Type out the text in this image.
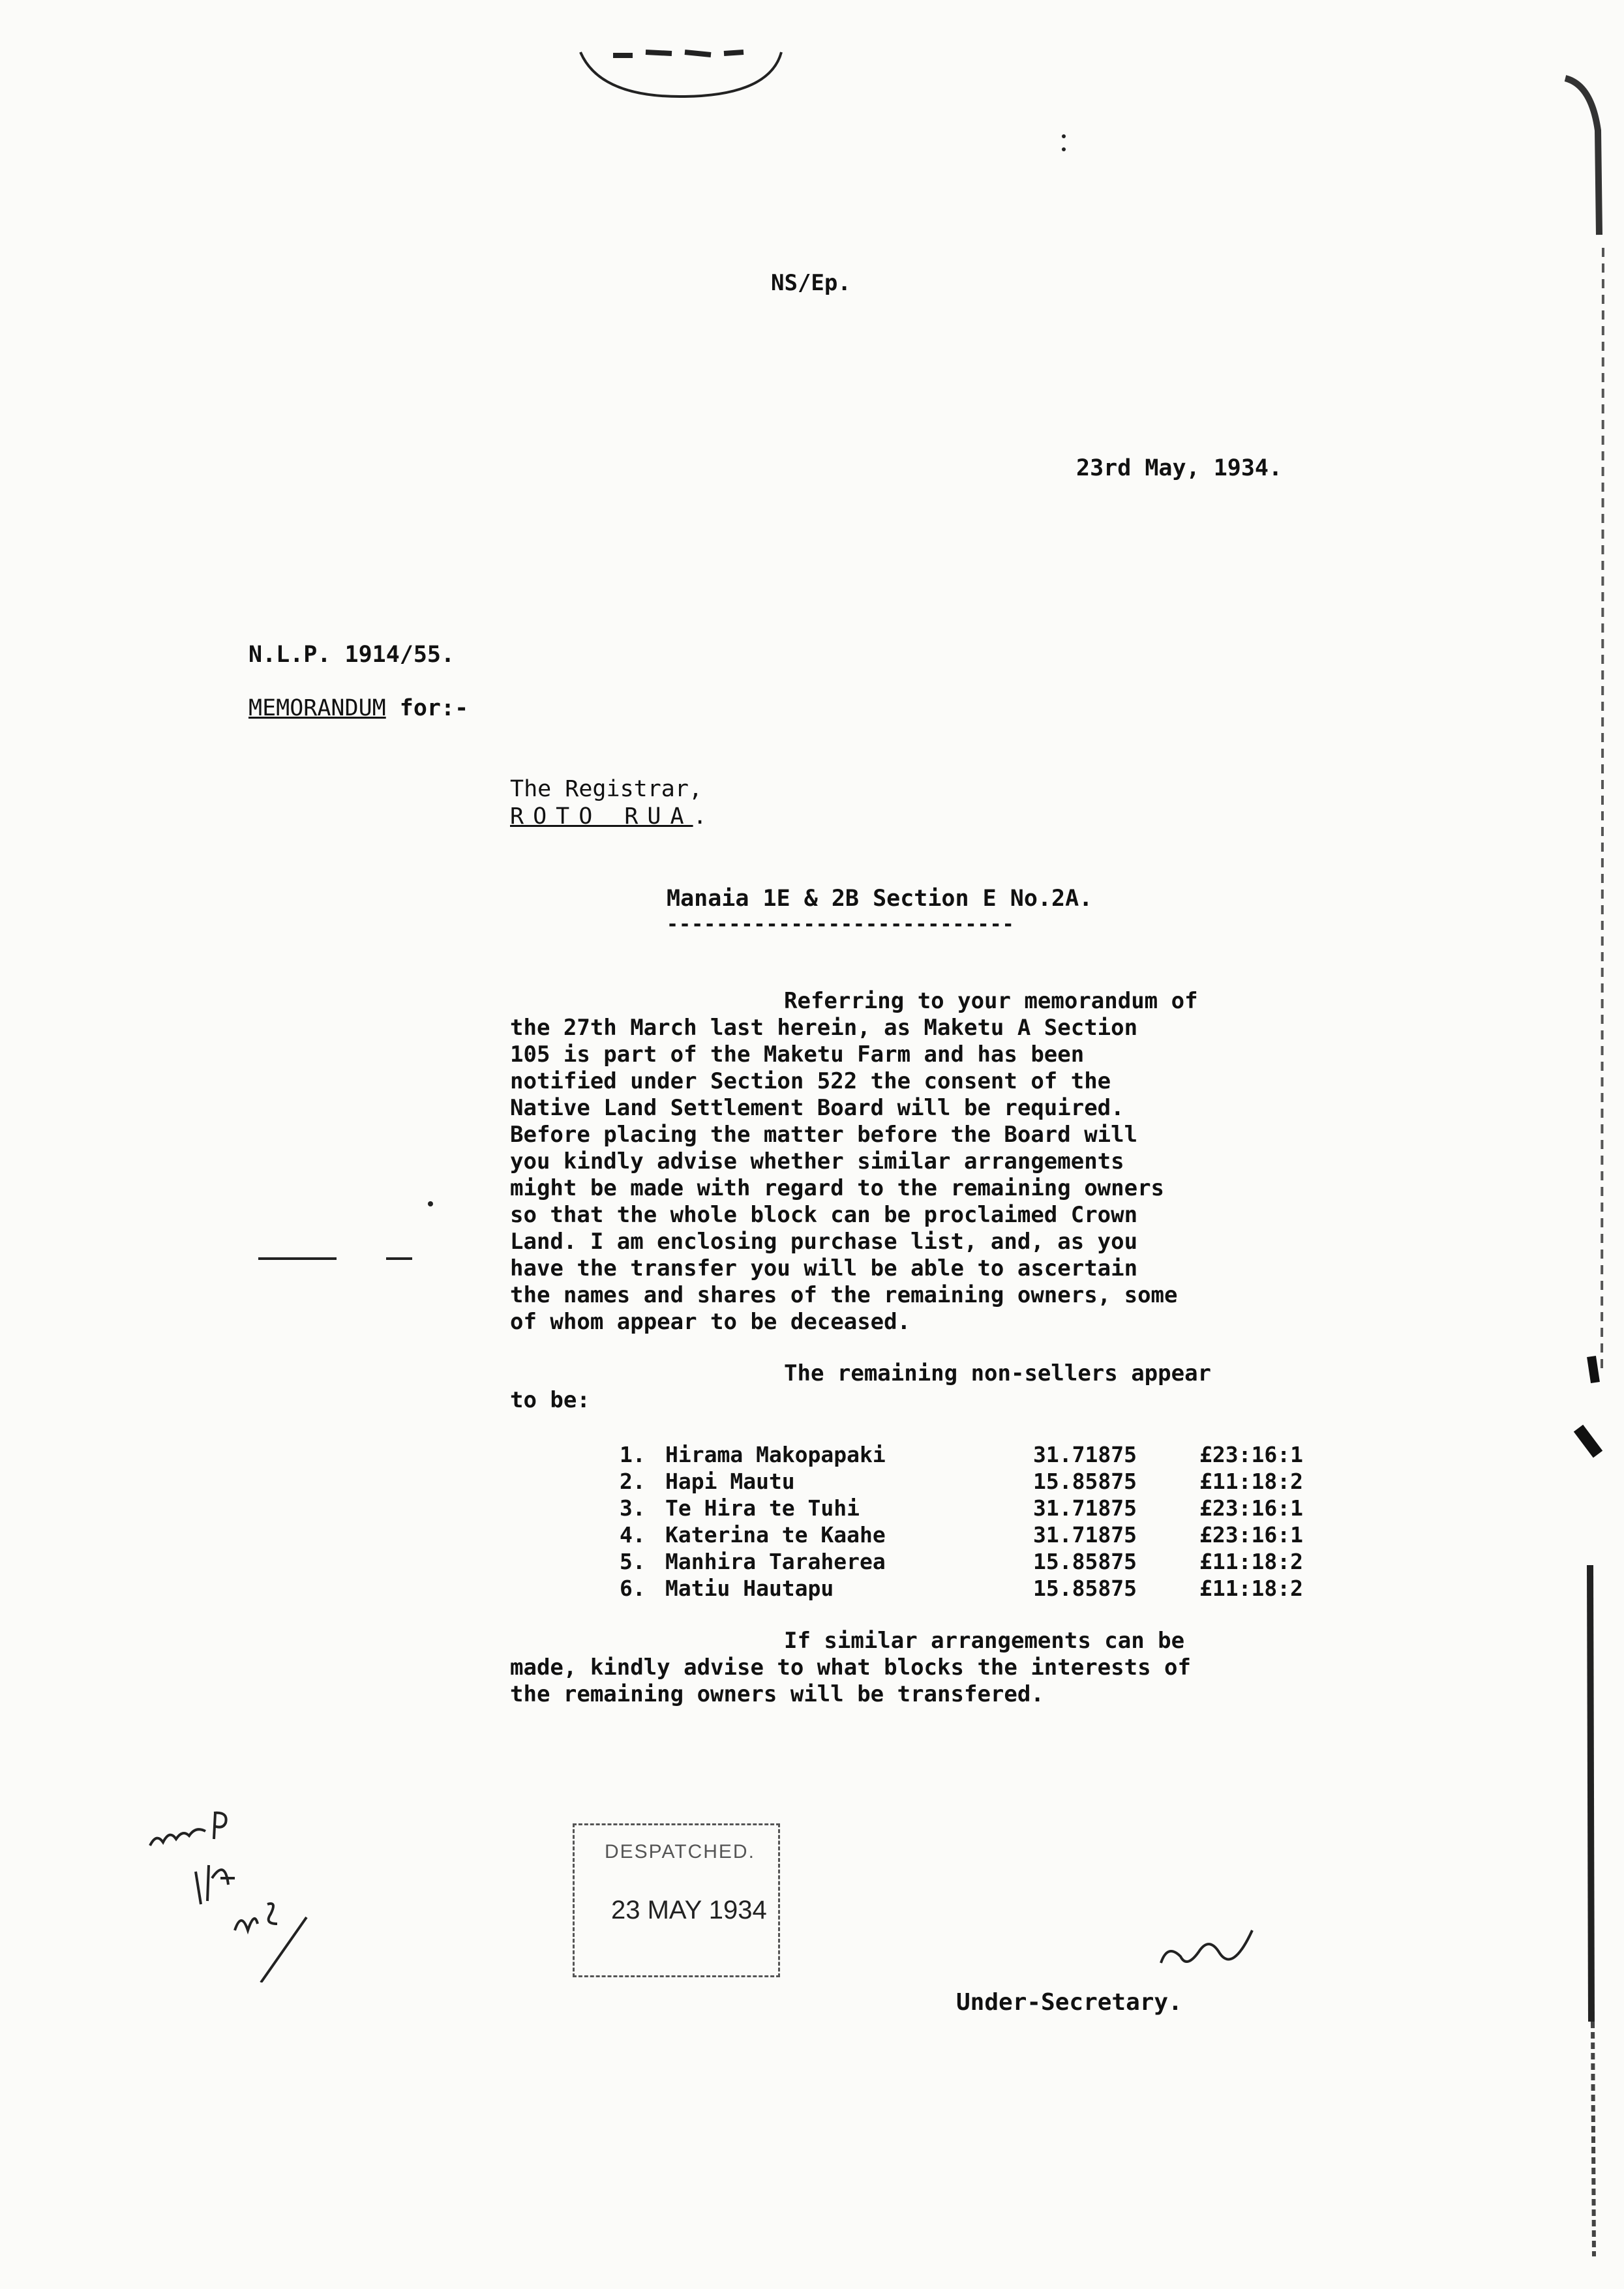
NS/Ep.
23rd May, 1934.
N.L.P. 1914/55.
MEMORANDUM for:-
The Registrar,
ROTO RUA.
Manaia 1E & 2B Section E No.2A.
----------------------------
Referring to your memorandum of
the 27th March last herein, as Maketu A Section
105 is part of the Maketu Farm and has been
notified under Section 522 the consent of the
Native Land Settlement Board will be required.
Before placing the matter before the Board will
you kindly advise whether similar arrangements
might be made with regard to the remaining owners
so that the whole block can be proclaimed Crown
Land. I am enclosing purchase list, and, as you
have the transfer you will be able to ascertain
the names and shares of the remaining owners, some
of whom appear to be deceased.
The remaining non-sellers appear
to be:
1. Hirama Makopapaki	31.71875	£23:16:1
2. Hapi Mautu	15.85875	£11:18:2
3. Te Hira te Tuhi	31.71875	£23:16:1
4. Katerina te Kaahe	31.71875	£23:16:1
5. Manhira Taraherea	15.85875	£11:18:2
6. Matiu Hautapu	15.85875	£11:18:2
If similar arrangements can be
made, kindly advise to what blocks the interests of
the remaining owners will be transfered.
DESPATCHED.
23 MAY 1934
Under-Secretary.
